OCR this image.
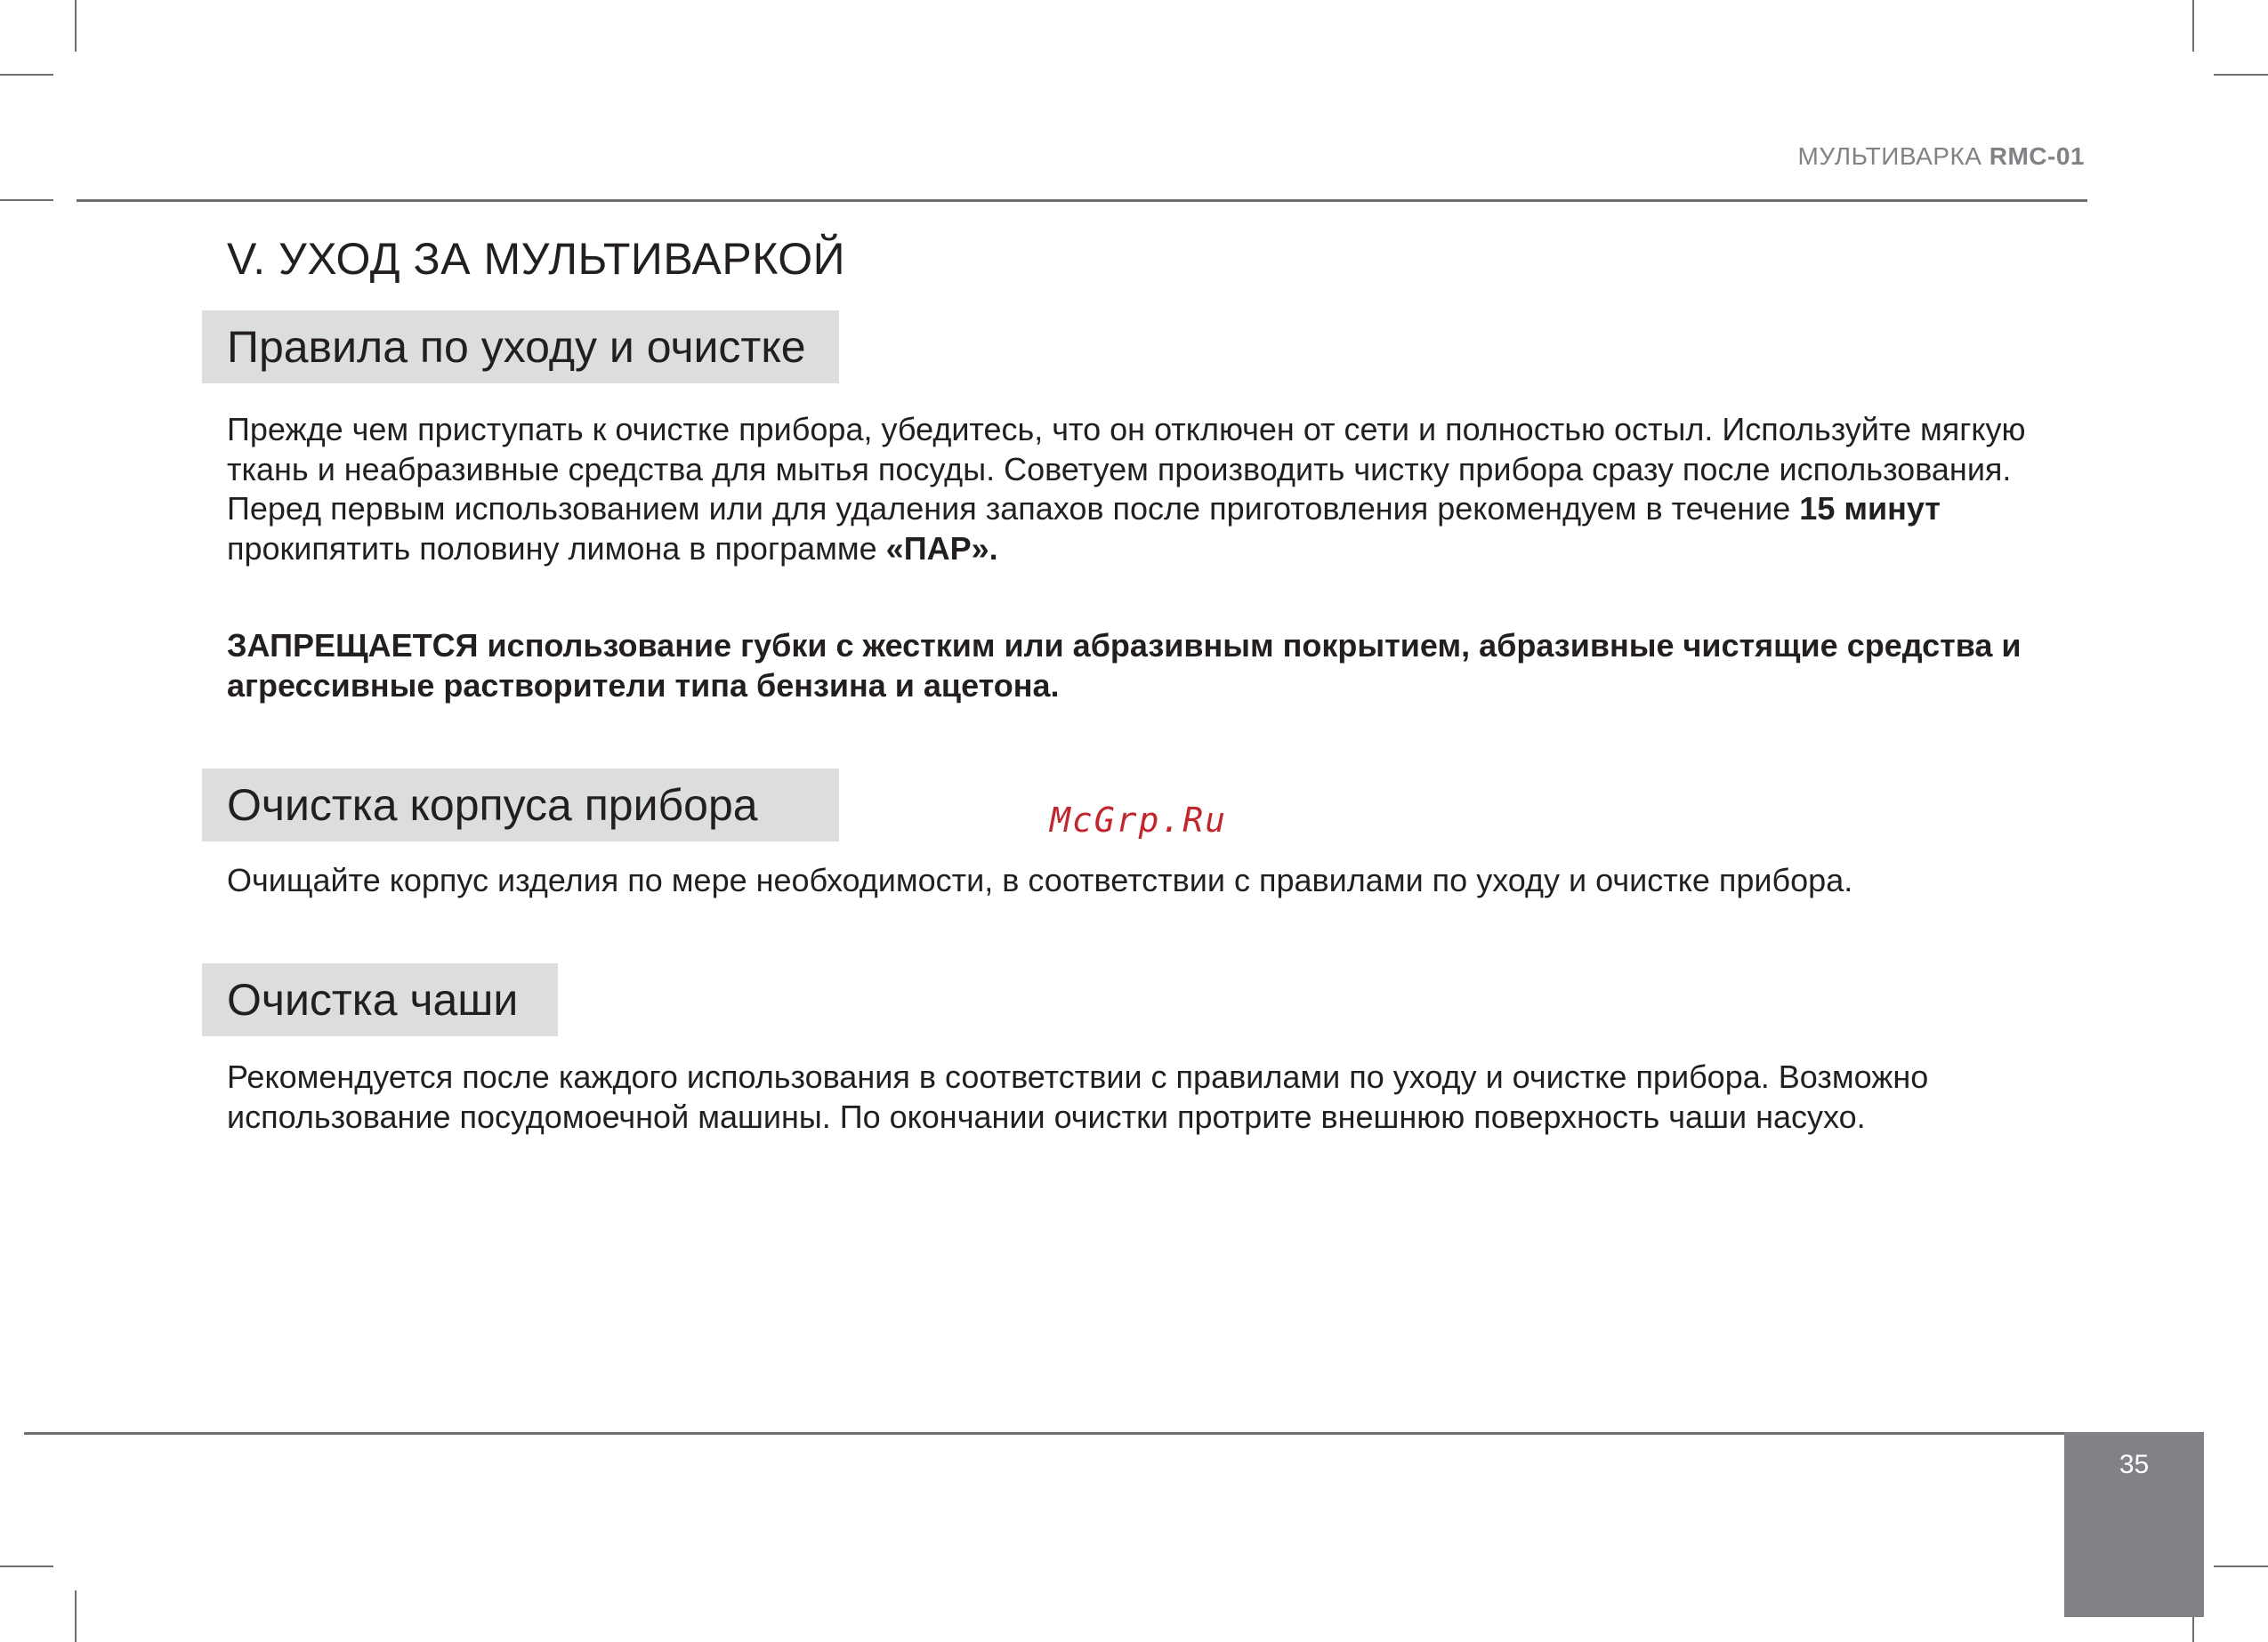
МУЛЬТИВАРКА RMC-01
V. УХОД ЗА МУЛЬТИВАРКОЙ
Правила по уходу и очистке

Прежде чем приступать к очистке прибора, убедитесь, что он отключен от сети и полностью остыл. Используйте мягкую ткань и неабразивные средства для мытья посуды. Советуем производить чистку прибора сразу после использования.

Перед первым использованием или для удаления запахов после приготовления рекомендуем в течение 15 минут прокипятить половину лимона в программе «ПАР».

ЗАПРЕЩАЕТСЯ использование губки с жестким или абразивным покрытием, абразивные чистящие средства и агрессивные растворители типа бензина и ацетона.

McGrp.Ru
Очистка корпуса прибора

Очищайте корпус изделия по мере необходимости, в соответствии с правилами по уходу и очистке прибора.

Очистка чаши

Рекомендуется после каждого использования в соответствии с правилами по уходу и очистке прибора. Возможно использование посудомоечной машины. По окончании очистки протрите внешнюю поверхность чаши насухо.

35
